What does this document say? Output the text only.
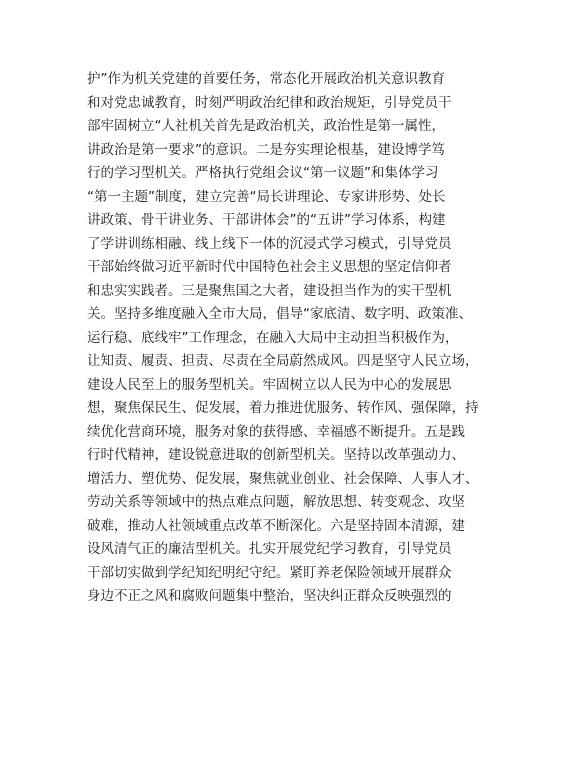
护”作为机关党建的首要任务，常态化开展政治机关意识教育
和对党忠诚教育，时刻严明政治纪律和政治规矩，引导党员干
部牢固树立“人社机关首先是政治机关，政治性是第一属性，
讲政治是第一要求”的意识。二是夯实理论根基，建设博学笃
行的学习型机关。严格执行党组会议“第一议题”和集体学习
“第一主题”制度，建立完善“局长讲理论、专家讲形势、处长
讲政策、骨干讲业务、干部讲体会”的“五讲”学习体系，构建
了学讲训练相融、线上线下一体的沉浸式学习模式，引导党员
干部始终做习近平新时代中国特色社会主义思想的坚定信仰者
和忠实实践者。三是聚焦国之大者，建设担当作为的实干型机
关。坚持多维度融入全市大局，倡导“家底清、数字明、政策准、
运行稳、底线牢”工作理念，在融入大局中主动担当积极作为，
让知责、履责、担责、尽责在全局蔚然成风。四是坚守人民立场，
建设人民至上的服务型机关。牢固树立以人民为中心的发展思
想，聚焦保民生、促发展，着力推进优服务、转作风、强保障，持
续优化营商环境，服务对象的获得感、幸福感不断提升。五是践
行时代精神，建设锐意进取的创新型机关。坚持以改革强动力、
增活力、塑优势、促发展，聚焦就业创业、社会保障、人事人才、
劳动关系等领域中的热点难点问题，解放思想、转变观念、攻坚
破难，推动人社领域重点改革不断深化。六是坚持固本清源，建
设风清气正的廉洁型机关。扎实开展党纪学习教育，引导党员
干部切实做到学纪知纪明纪守纪。紧盯养老保险领域开展群众
身边不正之风和腐败问题集中整治，坚决纠正群众反映强烈的
